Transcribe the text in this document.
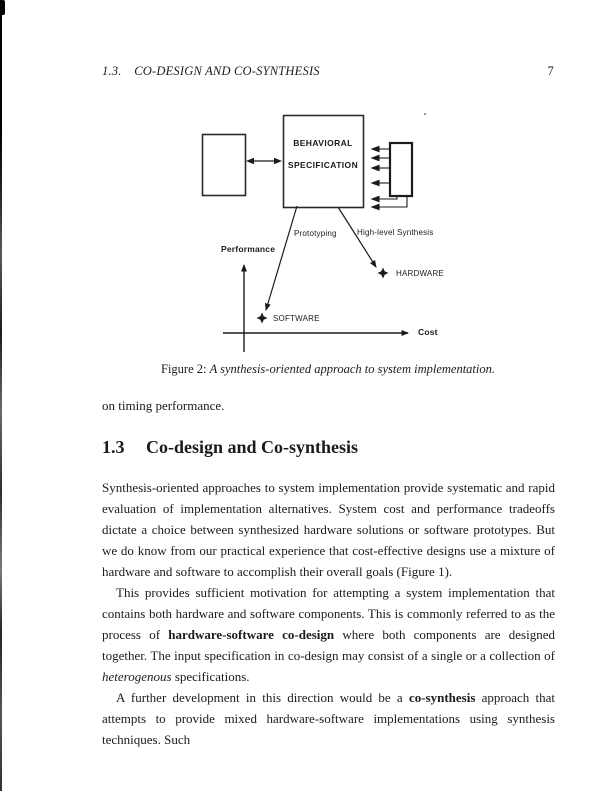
1.3. CO-DESIGN AND CO-SYNTHESIS	7
BEHAVIORAL
SPECIFICATION
Prototyping	High-level Synthesis
Performance
Cost
SOFTWARE
HARDWARE
Figure 2: A synthesis-oriented approach to system implementation.
on timing performance.
1.3 Co-design and Co-synthesis

Synthesis-oriented approaches to system implementation provide systematic and rapid evaluation of implementation alternatives. System cost and performance tradeoffs dictate a choice between synthesized hardware solutions or software prototypes. But we do know from our practical experience that cost-effective designs use a mixture of hardware and software to accomplish their overall goals (Figure 1).

This provides sufficient motivation for attempting a system implementation that contains both hardware and software components. This is commonly referred to as the process of hardware-software co-design where both components are designed together. The input specification in co-design may consist of a single or a collection of heterogenous specifications.

A further development in this direction would be a co-synthesis approach that attempts to provide mixed hardware-software implementations using synthesis techniques. Such
